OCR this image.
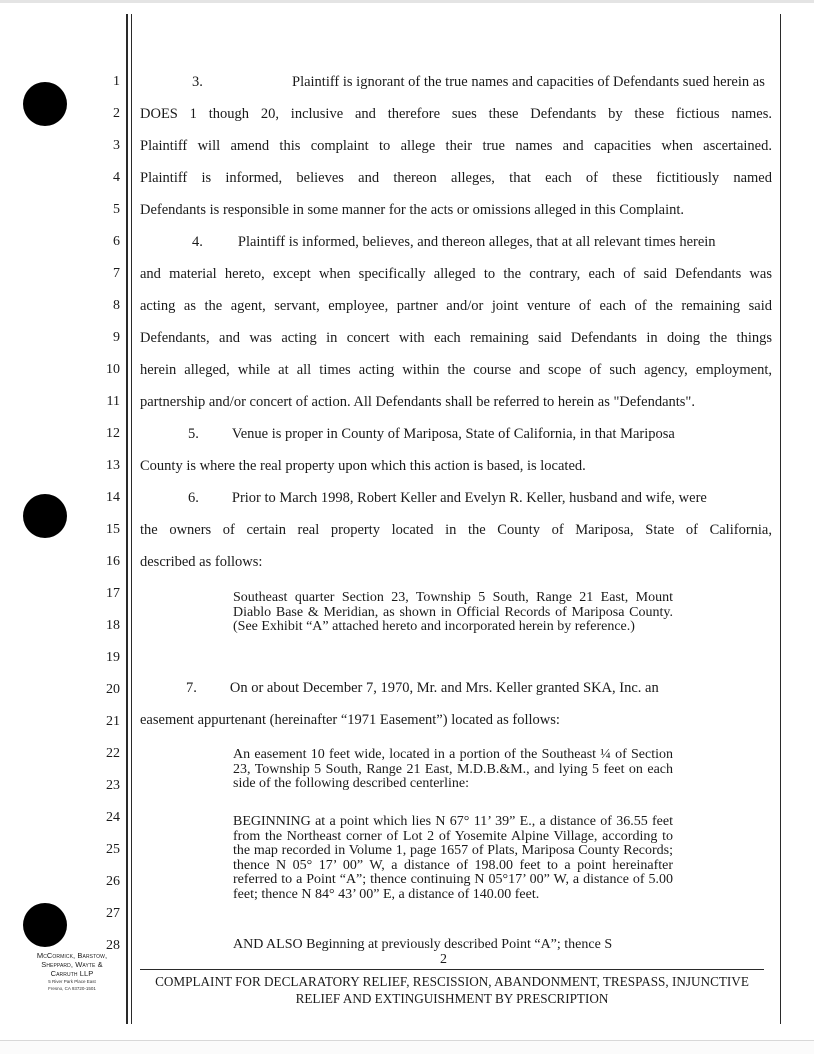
1
2
3
4
5
6
7
8
9
10
11
12
13
14
15
16
17
18
19
20
21
22
23
24
25
26
27
28
3.	Plaintiff is ignorant of the true names and capacities of Defendants sued herein as
DOES 1 though 20, inclusive and therefore sues these Defendants by these fictious names.
Plaintiff will amend this complaint to allege their true names and capacities when ascertained.
Plaintiff is informed, believes and thereon alleges, that each of these fictitiously named
Defendants is responsible in some manner for the acts or omissions alleged in this Complaint.
4. Plaintiff is informed, believes, and thereon alleges, that at all relevant times herein
and material hereto, except when specifically alleged to the contrary, each of said Defendants was
acting as the agent, servant, employee, partner and/or joint venture of each of the remaining said
Defendants, and was acting in concert with each remaining said Defendants in doing the things
herein alleged, while at all times acting within the course and scope of such agency, employment,
partnership and/or concert of action. All Defendants shall be referred to herein as "Defendants".
5. Venue is proper in County of Mariposa, State of California, in that Mariposa
County is where the real property upon which this action is based, is located.
6. Prior to March 1998, Robert Keller and Evelyn R. Keller, husband and wife, were
the owners of certain real property located in the County of Mariposa, State of California,
described as follows:
Southeast quarter Section 23, Township 5 South, Range 21 East, Mount Diablo Base & Meridian, as shown in Official Records of Mariposa County. (See Exhibit “A” attached hereto and incorporated herein by reference.)
7. On or about December 7, 1970, Mr. and Mrs. Keller granted SKA, Inc. an
easement appurtenant (hereinafter “1971 Easement”) located as follows:
An easement 10 feet wide, located in a portion of the Southeast ¼ of Section 23, Township 5 South, Range 21 East, M.D.B.&M., and lying 5 feet on each side of the following described centerline:
BEGINNING at a point which lies N 67° 11’ 39” E., a distance of 36.55 feet from the Northeast corner of Lot 2 of Yosemite Alpine Village, according to the map recorded in Volume 1, page 1657 of Plats, Mariposa County Records; thence N 05° 17’ 00” W, a distance of 198.00 feet to a point hereinafter referred to a Point “A”; thence continuing N 05°17’ 00” W, a distance of 5.00 feet; thence N 84° 43’ 00” E, a distance of 140.00 feet.
AND ALSO Beginning at previously described Point “A”; thence S
McCormick, Barstow,
Sheppard, Wayte &
Carruth LLP
5 River Park Place East
Fresno, CA 93720-1501
2
COMPLAINT FOR DECLARATORY RELIEF, RESCISSION, ABANDONMENT, TRESPASS, INJUNCTIVE
RELIEF AND EXTINGUISHMENT BY PRESCRIPTION
